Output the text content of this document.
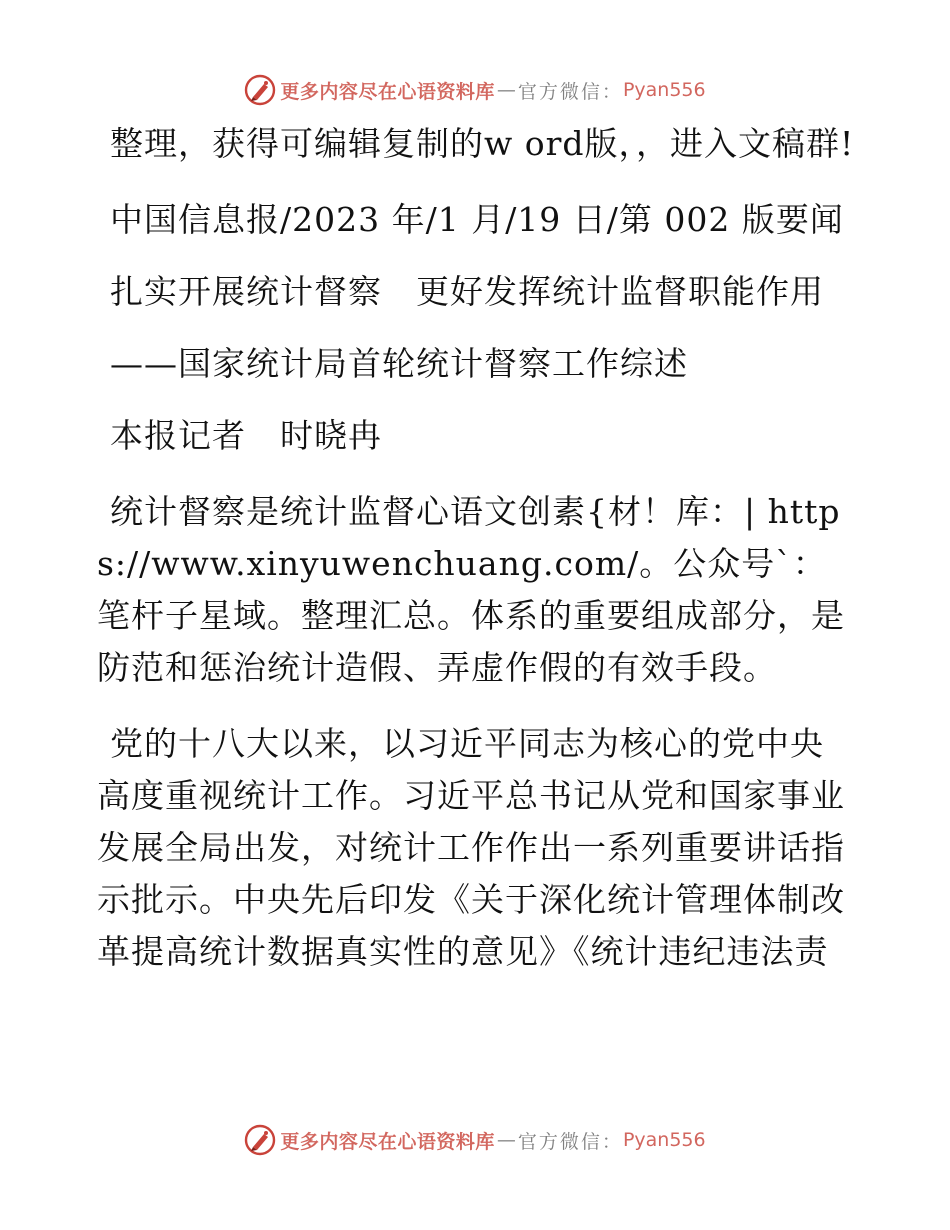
更多内容尽在心语资料库 — 官方微信： Pyan556

整理，获得可编辑复制的w ord版，，进入文稿群!

中国信息报/2023 年/1 月/19 日/第 002 版要闻

扎实开展统计督察　更好发挥统计监督职能作用

——国家统计局首轮统计督察工作综述

本报记者　时晓冉

统计督察是统计监督心语文创素{材！库：| https://www.xinyuwenchuang.com/。公众号`：笔杆子星域。整理汇总。体系的重要组成部分，是防范和惩治统计造假、弄虚作假的有效手段。

党的十八大以来，以习近平同志为核心的党中央高度重视统计工作。习近平总书记从党和国家事业发展全局出发，对统计工作作出一系列重要讲话指示批示。中央先后印发《关于深化统计管理体制改革提高统计数据真实性的意见》《统计违纪违法责

更多内容尽在心语资料库 — 官方微信： Pyan556
